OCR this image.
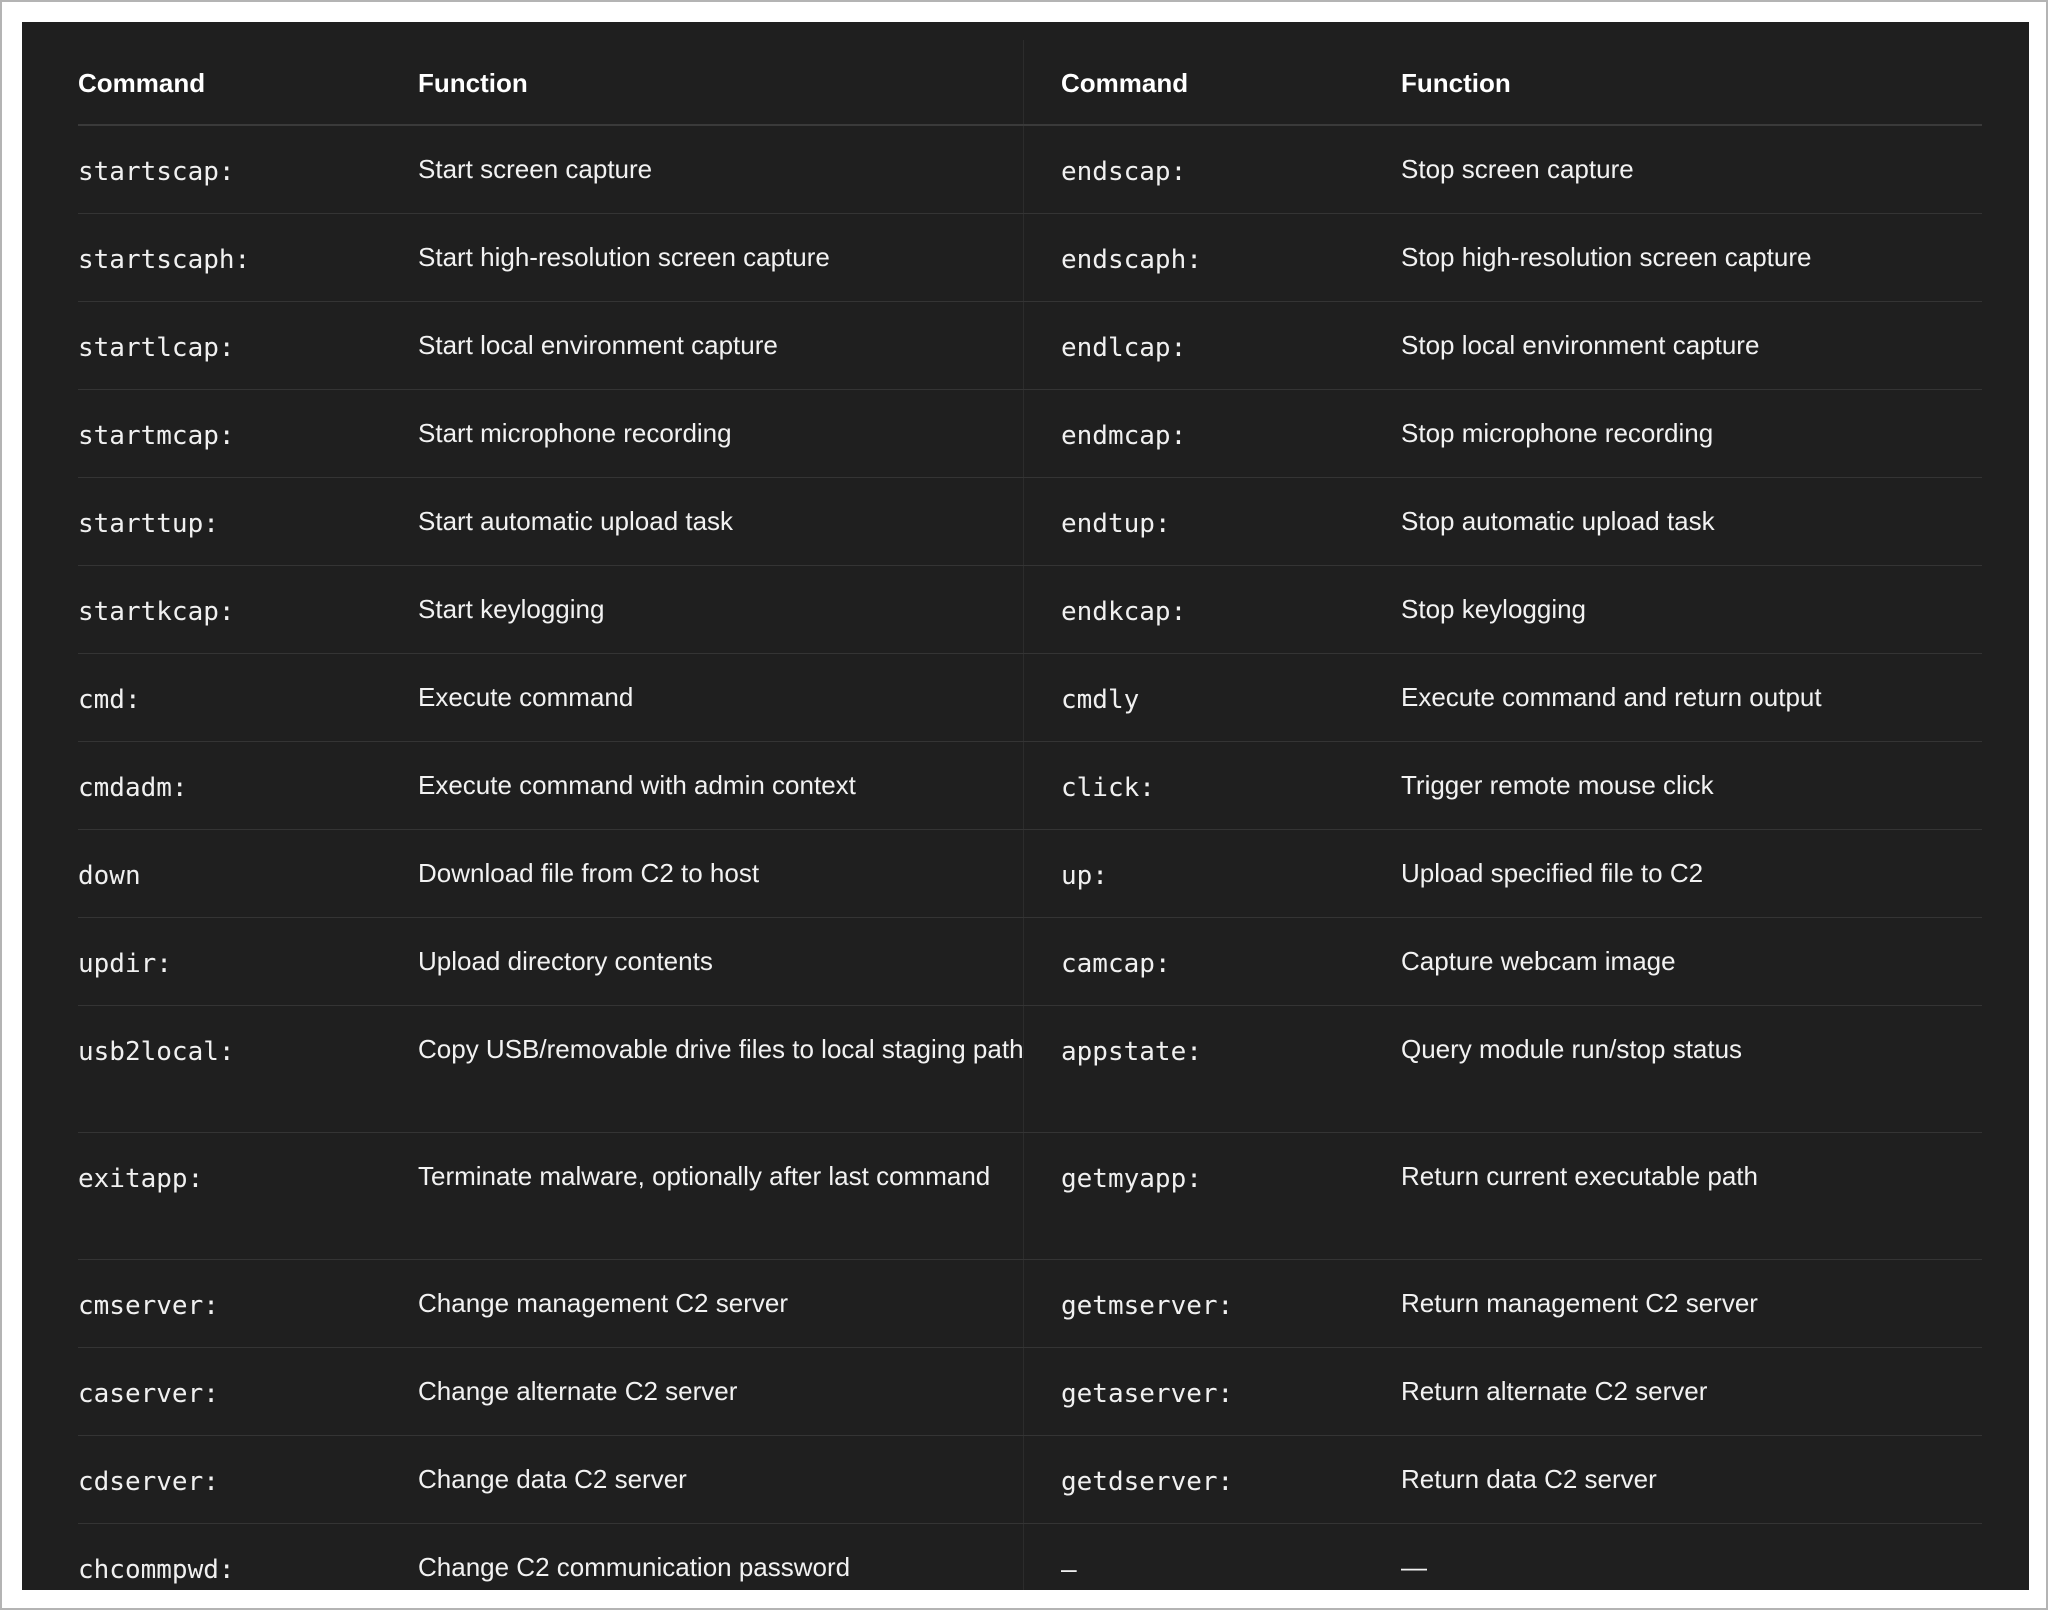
Command	Function	Command	Function

startscap:	Start screen capture	endscap:	Stop screen capture

startscaph:	Start high-resolution screen capture	endscaph:	Stop high-resolution screen capture

startlcap:	Start local environment capture	endlcap:	Stop local environment capture

startmcap:	Start microphone recording	endmcap:	Stop microphone recording

starttup:	Start automatic upload task	endtup:	Stop automatic upload task

startkcap:	Start keylogging	endkcap:	Stop keylogging

cmd:	Execute command	cmdly	Execute command and return output

cmdadm:	Execute command with admin context	click:	Trigger remote mouse click

down	Download file from C2 to host	up:	Upload specified file to C2

updir:	Upload directory contents	camcap:	Capture webcam image

usb2local:	Copy USB/removable drive files to local staging path	appstate:	Query module run/stop status

exitapp:	Terminate malware, optionally after last command	getmyapp:	Return current executable path

cmserver:	Change management C2 server	getmserver:	Return management C2 server

caserver:	Change alternate C2 server	getaserver:	Return alternate C2 server

cdserver:	Change data C2 server	getdserver:	Return data C2 server

chcommpwd:	Change C2 communication password	—	—
